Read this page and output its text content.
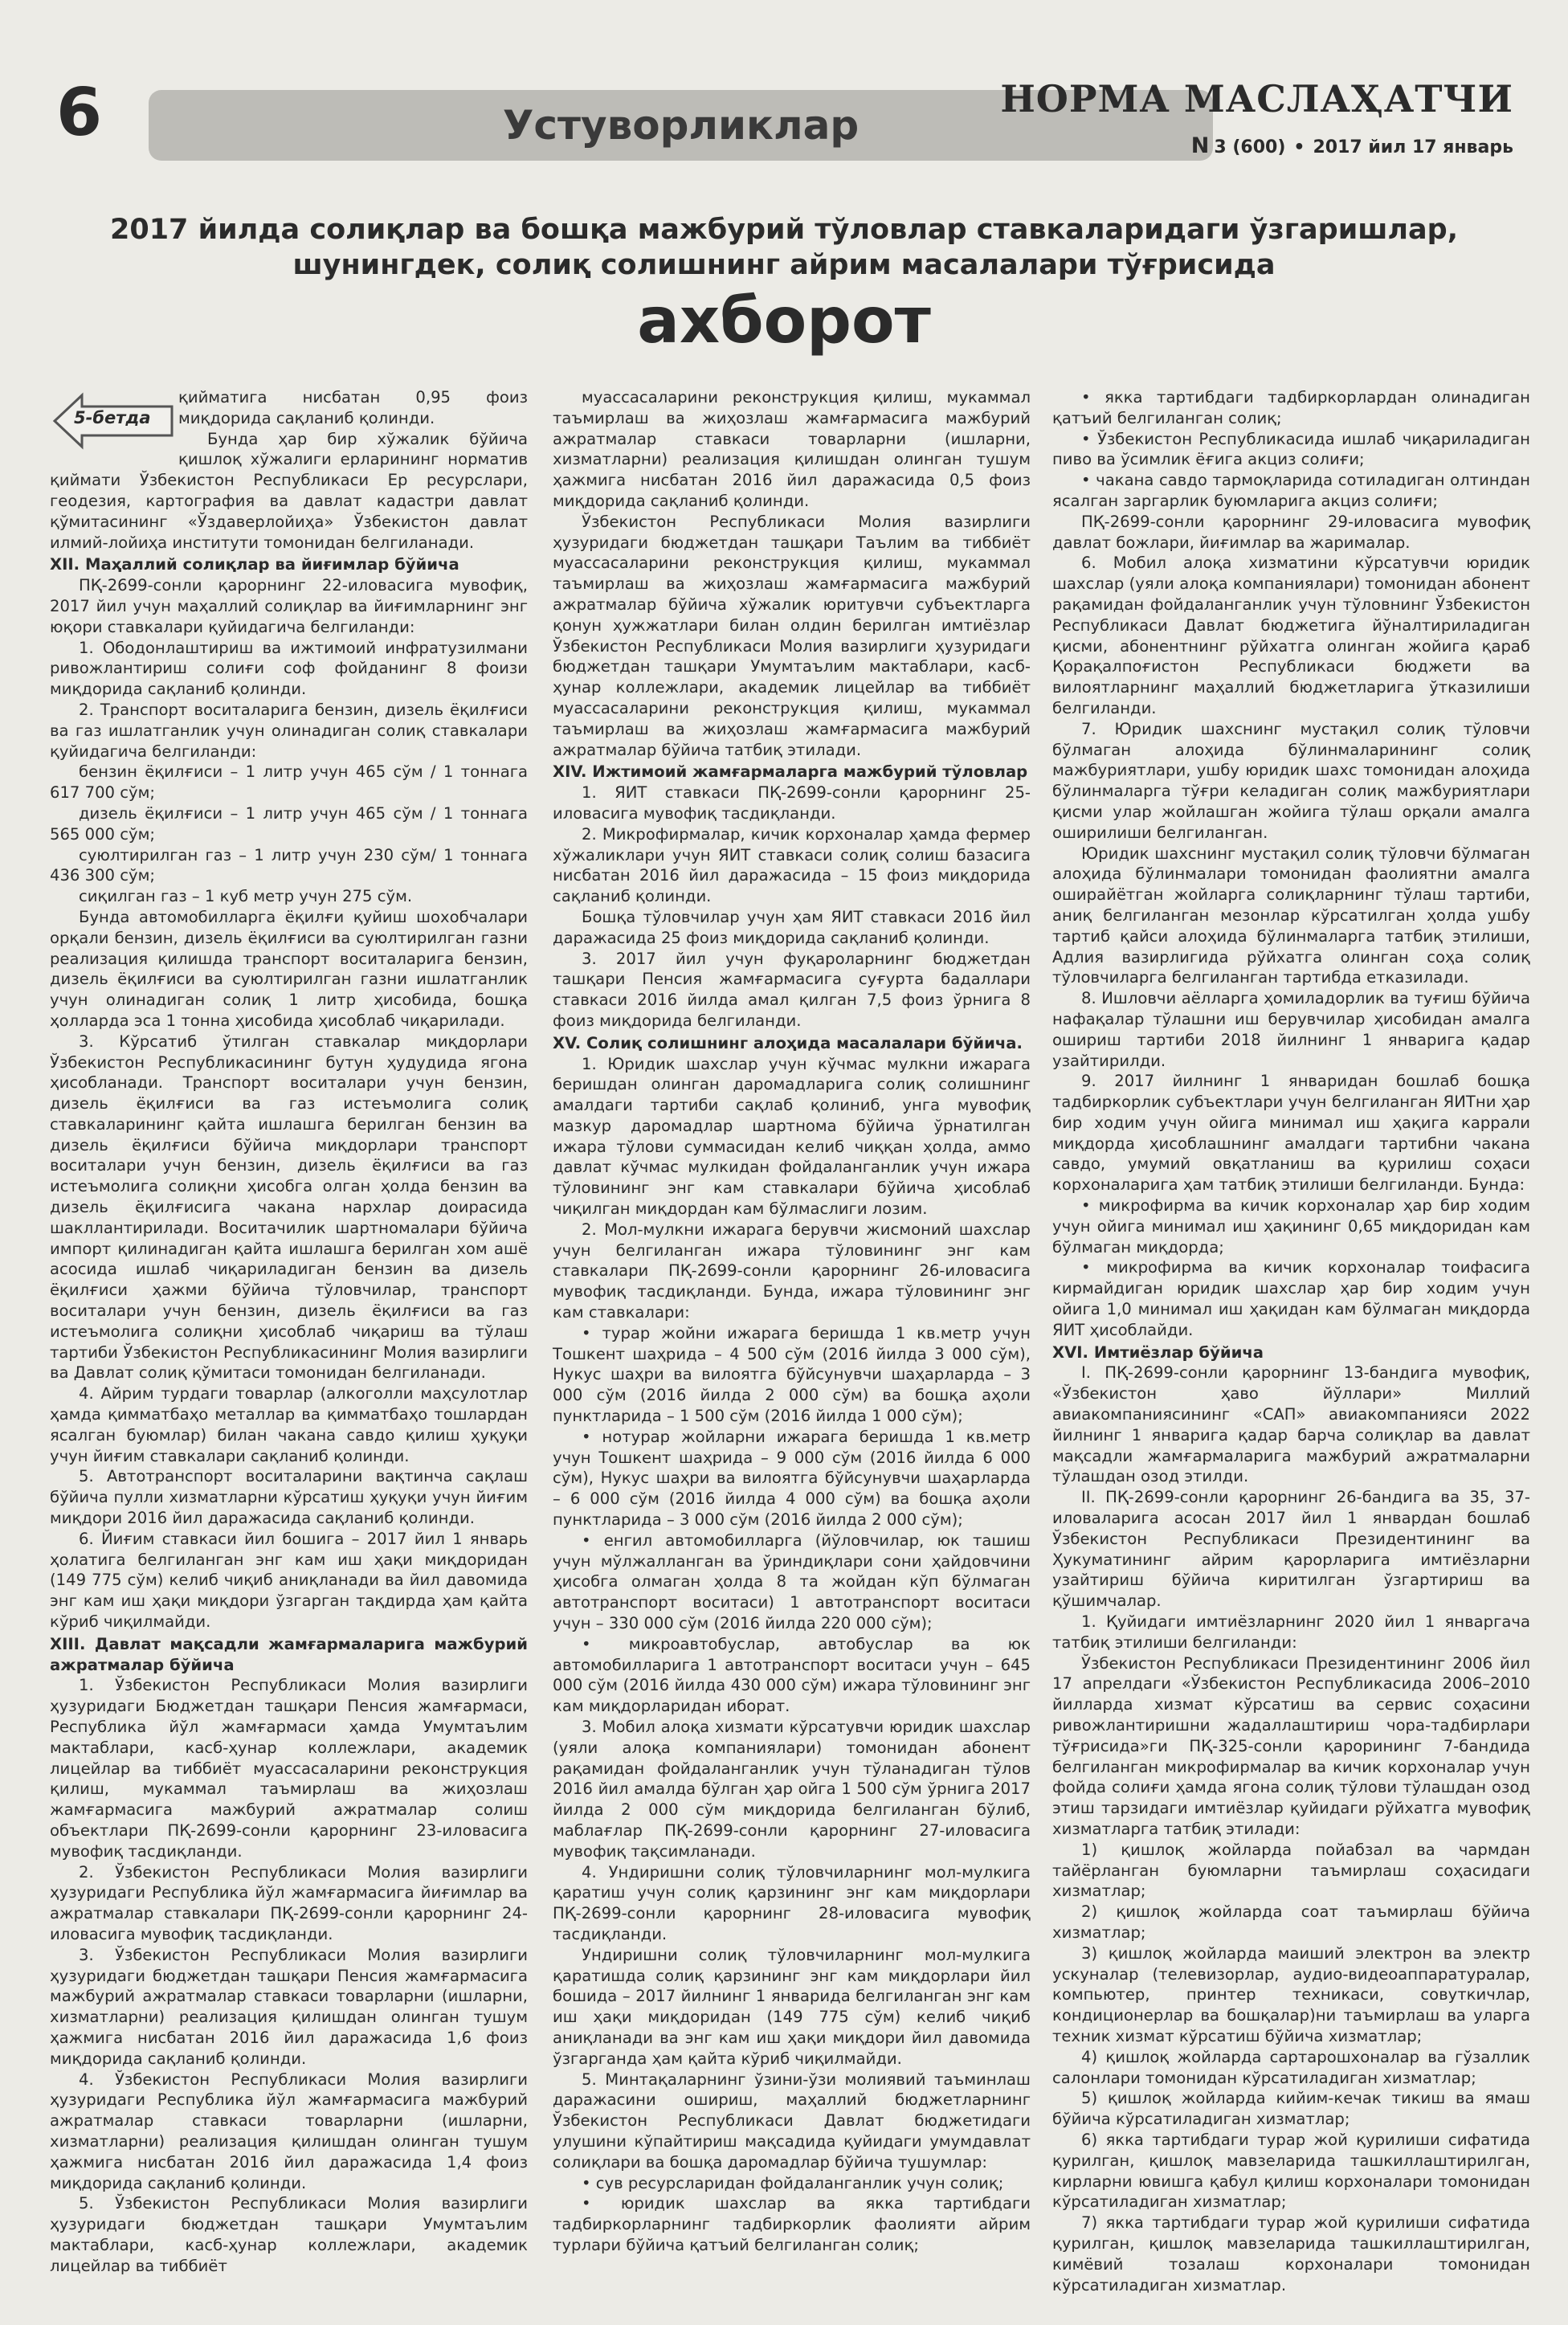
6	Устуворликлар
НОРМА МАСЛАҲАТЧИ
N 3 (600) • 2017 йил 17 январь
2017 йилда солиқлар ва бошқа мажбурий тўловлар ставкаларидаги ўзгаришлар,
шунингдек, солиқ солишнинг айрим масалалари тўғрисида
ахборот
5-бетда

қийматига нисбатан 0,95 фоиз миқдорида сақланиб қолинди.

Бунда ҳар бир хўжалик бўйича қишлоқ хўжалиги ерларининг норматив қиймати Ўзбекистон Республикаси Ер ресурслари, геодезия, картография ва давлат кадастри давлат қўмитасининг «Ўздаверлойиҳа» Ўзбекистон давлат илмий-лойиҳа институти томонидан белгиланади.

XII. Маҳаллий солиқлар ва йиғимлар бўйича

ПҚ-2699-сонли қарорнинг 22-иловасига мувофиқ, 2017 йил учун маҳаллий солиқлар ва йиғимларнинг энг юқори ставкалари қуйидагича белгиланди:

1. Ободонлаштириш ва ижтимоий инфратузилмани ривожлантириш солиғи соф фойданинг 8 фоизи миқдорида сақланиб қолинди.

2. Транспорт воситаларига бензин, дизель ёқилғиси ва газ ишлатганлик учун олинадиган солиқ ставкалари қуйидагича белгиланди:

бензин ёқилғиси – 1 литр учун 465 сўм / 1 тоннага 617 700 сўм;

дизель ёқилғиси – 1 литр учун 465 сўм / 1 тоннага 565 000 сўм;

суюлтирилган газ – 1 литр учун 230 сўм/ 1 тоннага 436 300 сўм;

сиқилган газ – 1 куб метр учун 275 сўм.

Бунда автомобилларга ёқилғи қуйиш шохобчалари орқали бензин, дизель ёқилғиси ва суюлтирилган газни реализация қилишда транспорт воситаларига бензин, дизель ёқилғиси ва суюлтирилган газни ишлатганлик учун олинадиган солиқ 1 литр ҳисобида, бошқа ҳолларда эса 1 тонна ҳисобида ҳисоблаб чиқарилади.

3. Кўрсатиб ўтилган ставкалар миқдорлари Ўзбекистон Республикасининг бутун ҳудудида ягона ҳисобланади. Транспорт воситалари учун бензин, дизель ёқилғиси ва газ истеъмолига солиқ ставкаларининг қайта ишлашга берилган бензин ва дизель ёқилғиси бўйича миқдорлари транспорт воситалари учун бензин, дизель ёқилғиси ва газ истеъмолига солиқни ҳисобга олган ҳолда бензин ва дизель ёқилғисига чакана нархлар доирасида шакллантирилади. Воситачилик шартномалари бўйича импорт қилинадиган қайта ишлашга берилган хом ашё асосида ишлаб чиқариладиган бензин ва дизель ёқилғиси ҳажми бўйича тўловчилар, транспорт воситалари учун бензин, дизель ёқилғиси ва газ истеъмолига солиқни ҳисоблаб чиқариш ва тўлаш тартиби Ўзбекистон Республикасининг Молия вазирлиги ва Давлат солиқ қўмитаси томонидан белгиланади.

4. Айрим турдаги товарлар (алкоголли маҳсулотлар ҳамда қимматбаҳо металлар ва қимматбаҳо тошлардан ясалган буюмлар) билан чакана савдо қилиш ҳуқуқи учун йиғим ставкалари сақланиб қолинди.

5. Автотранспорт воситаларини вақтинча сақлаш бўйича пулли хизматларни кўрсатиш ҳуқуқи учун йиғим миқдори 2016 йил даражасида сақланиб қолинди.

6. Йиғим ставкаси йил бошига – 2017 йил 1 январь ҳолатига белгиланган энг кам иш ҳақи миқдоридан (149 775 сўм) келиб чиқиб аниқланади ва йил давомида энг кам иш ҳақи миқдори ўзгарган тақдирда ҳам қайта кўриб чиқилмайди.

XIII. Давлат мақсадли жамғармаларига мажбурий ажратмалар бўйича

1. Ўзбекистон Республикаси Молия вазирлиги ҳузуридаги Бюджетдан ташқари Пенсия жамғармаси, Республика йўл жамғармаси ҳамда Умумтаълим мактаблари, касб-ҳунар коллежлари, академик лицейлар ва тиббиёт муассасаларини реконструкция қилиш, мукаммал таъмирлаш ва жиҳозлаш жамғармасига мажбурий ажратмалар солиш объектлари ПҚ-2699-сонли қарорнинг 23-иловасига мувофиқ тасдиқланди.

2. Ўзбекистон Республикаси Молия вазирлиги ҳузуридаги Республика йўл жамғармасига йиғимлар ва ажратмалар ставкалари ПҚ-2699-сонли қарорнинг 24-иловасига мувофиқ тасдиқланди.

3. Ўзбекистон Республикаси Молия вазирлиги ҳузуридаги бюджетдан ташқари Пенсия жамғармасига мажбурий ажратмалар ставкаси товарларни (ишларни, хизматларни) реализация қилишдан олинган тушум ҳажмига нисбатан 2016 йил даражасида 1,6 фоиз миқдорида сақланиб қолинди.

4. Ўзбекистон Республикаси Молия вазирлиги ҳузуридаги Республика йўл жамғармасига мажбурий ажратмалар ставкаси товарларни (ишларни, хизматларни) реализация қилишдан олинган тушум ҳажмига нисбатан 2016 йил даражасида 1,4 фоиз миқдорида сақланиб қолинди.

5. Ўзбекистон Республикаси Молия вазирлиги ҳузуридаги бюджетдан ташқари Умумтаълим мактаблари, касб-ҳунар коллежлари, академик лицейлар ва тиббиёт

муассасаларини реконструкция қилиш, мукаммал таъмирлаш ва жиҳозлаш жамғармасига мажбурий ажратмалар ставкаси товарларни (ишларни, хизматларни) реализация қилишдан олинган тушум ҳажмига нисбатан 2016 йил даражасида 0,5 фоиз миқдорида сақланиб қолинди.

Ўзбекистон Республикаси Молия вазирлиги ҳузуридаги бюджетдан ташқари Таълим ва тиббиёт муассасаларини реконструкция қилиш, мукаммал таъмирлаш ва жиҳозлаш жамғармасига мажбурий ажратмалар бўйича хўжалик юритувчи субъектларга қонун ҳужжатлари билан олдин берилган имтиёзлар Ўзбекистон Республикаси Молия вазирлиги ҳузуридаги бюджетдан ташқари Умумтаълим мактаблари, касб-ҳунар коллежлари, академик лицейлар ва тиббиёт муассасаларини реконструкция қилиш, мукаммал таъмирлаш ва жиҳозлаш жамғармасига мажбурий ажратмалар бўйича татбиқ этилади.

XIV. Ижтимоий жамғармаларга мажбурий тўловлар

1. ЯИТ ставкаси ПҚ-2699-сонли қарорнинг 25-иловасига мувофиқ тасдиқланди.

2. Микрофирмалар, кичик корхоналар ҳамда фермер хўжаликлари учун ЯИТ ставкаси солиқ солиш базасига нисбатан 2016 йил даражасида – 15 фоиз миқдорида сақланиб қолинди.

Бошқа тўловчилар учун ҳам ЯИТ ставкаси 2016 йил даражасида 25 фоиз миқдорида сақланиб қолинди.

3. 2017 йил учун фуқароларнинг бюджетдан ташқари Пенсия жамғармасига суғурта бадаллари ставкаси 2016 йилда амал қилган 7,5 фоиз ўрнига 8 фоиз миқдорида белгиланди.

XV. Солиқ солишнинг алоҳида масалалари бўйича.

1. Юридик шахслар учун кўчмас мулкни ижарага беришдан олинган даромадларига солиқ солишнинг амалдаги тартиби сақлаб қолиниб, унга мувофиқ мазкур даромадлар шартнома бўйича ўрнатилган ижара тўлови суммасидан келиб чиққан ҳолда, аммо давлат кўчмас мулкидан фойдаланганлик учун ижара тўловининг энг кам ставкалари бўйича ҳисоблаб чиқилган миқдордан кам бўлмаслиги лозим.

2. Мол-мулкни ижарага берувчи жисмоний шахслар учун белгиланган ижара тўловининг энг кам ставкалари ПҚ-2699-сонли қарорнинг 26-иловасига мувофиқ тасдиқланди. Бунда, ижара тўловининг энг кам ставкалари:

• турар жойни ижарага беришда 1 кв.метр учун Тошкент шаҳрида – 4 500 сўм (2016 йилда 3 000 сўм), Нукус шаҳри ва вилоятга бўйсунувчи шаҳарларда – 3 000 сўм (2016 йилда 2 000 сўм) ва бошқа аҳоли пунктларида – 1 500 сўм (2016 йилда 1 000 сўм);

• нотурар жойларни ижарага беришда 1 кв.метр учун Тошкент шаҳрида – 9 000 сўм (2016 йилда 6 000 сўм), Нукус шаҳри ва вилоятга бўйсунувчи шаҳарларда – 6 000 сўм (2016 йилда 4 000 сўм) ва бошқа аҳоли пунктларида – 3 000 сўм (2016 йилда 2 000 сўм);

• енгил автомобилларга (йўловчилар, юк ташиш учун мўлжалланган ва ўриндиқлари сони ҳайдовчини ҳисобга олмаган ҳолда 8 та жойдан кўп бўлмаган автотранспорт воситаси) 1 автотранспорт воситаси учун – 330 000 сўм (2016 йилда 220 000 сўм);

• микроавтобуслар, автобуслар ва юк автомобилларига 1 автотранспорт воситаси учун – 645 000 сўм (2016 йилда 430 000 сўм) ижара тўловининг энг кам миқдорларидан иборат.

3. Мобил алоқа хизмати кўрсатувчи юридик шахслар (уяли алоқа компаниялари) томонидан абонент рақамидан фойдаланганлик учун тўланадиган тўлов 2016 йил амалда бўлган ҳар ойга 1 500 сўм ўрнига 2017 йилда 2 000 сўм миқдорида белгиланган бўлиб, маблағлар ПҚ-2699-сонли қарорнинг 27-иловасига мувофиқ тақсимланади.

4. Ундиришни солиқ тўловчиларнинг мол-мулкига қаратиш учун солиқ қарзининг энг кам миқдорлари ПҚ-2699-сонли қарорнинг 28-иловасига мувофиқ тасдиқланди.

Ундиришни солиқ тўловчиларнинг мол-мулкига қаратишда солиқ қарзининг энг кам миқдорлари йил бошида – 2017 йилнинг 1 январида белгиланган энг кам иш ҳақи миқдоридан (149 775 сўм) келиб чиқиб аниқланади ва энг кам иш ҳақи миқдори йил давомида ўзгарганда ҳам қайта кўриб чиқилмайди.

5. Минтақаларнинг ўзини-ўзи молиявий таъминлаш даражасини ошириш, маҳаллий бюджетларнинг Ўзбекистон Республикаси Давлат бюджетидаги улушини кўпайтириш мақсадида қуйидаги умумдавлат солиқлари ва бошқа даромадлар бўйича тушумлар:

• сув ресурсларидан фойдаланганлик учун солиқ;

• юридик шахслар ва якка тартибдаги тадбиркорларнинг тадбиркорлик фаолияти айрим турлари бўйича қатъий белгиланган солиқ;

• якка тартибдаги тадбиркорлардан олинадиган қатъий белгиланган солиқ;

• Ўзбекистон Республикасида ишлаб чиқариладиган пиво ва ўсимлик ёғига акциз солиғи;

• чакана савдо тармоқларида сотиладиган олтиндан ясалган заргарлик буюмларига акциз солиғи;

ПҚ-2699-сонли қарорнинг 29-иловасига мувофиқ давлат божлари, йиғимлар ва жарималар.

6. Мобил алоқа хизматини кўрсатувчи юридик шахслар (уяли алоқа компаниялари) томонидан абонент рақамидан фойдаланганлик учун тўловнинг Ўзбекистон Республикаси Давлат бюджетига йўналтириладиган қисми, абонентнинг рўйхатга олинган жойига қараб Қорақалпоғистон Республикаси бюджети ва вилоятларнинг маҳаллий бюджетларига ўтказилиши белгиланди.

7. Юридик шахснинг мустақил солиқ тўловчи бўлмаган алоҳида бўлинмаларининг солиқ мажбуриятлари, ушбу юридик шахс томонидан алоҳида бўлинмаларга тўғри келадиган солиқ мажбуриятлари қисми улар жойлашган жойига тўлаш орқали амалга оширилиши белгиланган.

Юридик шахснинг мустақил солиқ тўловчи бўлмаган алоҳида бўлинмалари томонидан фаолиятни амалга оширайётган жойларга солиқларнинг тўлаш тартиби, аниқ белгиланган мезонлар кўрсатилган ҳолда ушбу тартиб қайси алоҳида бўлинмаларга татбиқ этилиши, Адлия вазирлигида рўйхатга олинган соҳа солиқ тўловчиларга белгиланган тартибда етказилади.

8. Ишловчи аёлларга ҳомиладорлик ва туғиш бўйича нафақалар тўлашни иш берувчилар ҳисобидан амалга ошириш тартиби 2018 йилнинг 1 январига қадар узайтирилди.

9. 2017 йилнинг 1 январидан бошлаб бошқа тадбиркорлик субъектлари учун белгиланган ЯИТни ҳар бир ходим учун ойига минимал иш ҳақига каррали миқдорда ҳисоблашнинг амалдаги тартибни чакана савдо, умумий овқатланиш ва қурилиш соҳаси корхоналарига ҳам татбиқ этилиши белгиланди. Бунда:

• микрофирма ва кичик корхоналар ҳар бир ходим учун ойига минимал иш ҳақининг 0,65 миқдоридан кам бўлмаган миқдорда;

• микрофирма ва кичик корхоналар тоифасига кирмайдиган юридик шахслар ҳар бир ходим учун ойига 1,0 минимал иш ҳақидан кам бўлмаган миқдорда ЯИТ ҳисоблайди.

XVI. Имтиёзлар бўйича

I. ПҚ-2699-сонли қарорнинг 13-бандига мувофиқ, «Ўзбекистон ҳаво йўллари» Миллий авиакомпаниясининг «САП» авиакомпанияси 2022 йилнинг 1 январига қадар барча солиқлар ва давлат мақсадли жамғармаларига мажбурий ажратмаларни тўлашдан озод этилди.

II. ПҚ-2699-сонли қарорнинг 26-бандига ва 35, 37-иловаларига асосан 2017 йил 1 январдан бошлаб Ўзбекистон Республикаси Президентининг ва Ҳукуматининг айрим қарорларига имтиёзларни узайтириш бўйича киритилган ўзгартириш ва қўшимчалар.

1. Қуйидаги имтиёзларнинг 2020 йил 1 январгача татбиқ этилиши белгиланди:

Ўзбекистон Республикаси Президентининг 2006 йил 17 апрелдаги «Ўзбекистон Республикасида 2006–2010 йилларда хизмат кўрсатиш ва сервис соҳасини ривожлантиришни жадаллаштириш чора-тадбирлари тўғрисида»ги ПҚ-325-сонли қарорининг 7-бандида белгиланган микрофирмалар ва кичик корхоналар учун фойда солиғи ҳамда ягона солиқ тўлови тўлашдан озод этиш тарзидаги имтиёзлар қуйидаги рўйхатга мувофиқ хизматларга татбиқ этилади:

1) қишлоқ жойларда пойабзал ва чармдан тайёрланган буюмларни таъмирлаш соҳасидаги хизматлар;

2) қишлоқ жойларда соат таъмирлаш бўйича хизматлар;

3) қишлоқ жойларда маиший электрон ва электр ускуналар (телевизорлар, аудио-видеоаппаратуралар, компьютер, принтер техникаси, совуткичлар, кондиционерлар ва бошқалар)ни таъмирлаш ва уларга техник хизмат кўрсатиш бўйича хизматлар;

4) қишлоқ жойларда сартарошхоналар ва гўзаллик салонлари томонидан кўрсатиладиган хизматлар;

5) қишлоқ жойларда кийим-кечак тикиш ва ямаш бўйича кўрсатиладиган хизматлар;

6) якка тартибдаги турар жой қурилиши сифатида қурилган, қишлоқ мавзеларида ташкиллаштирилган, кирларни ювишга қабул қилиш корхоналари томонидан кўрсатиладиган хизматлар;

7) якка тартибдаги турар жой қурилиши сифатида қурилган, қишлоқ мавзеларида ташкиллаштирилган, кимёвий тозалаш корхоналари томонидан кўрсатиладиган хизматлар.
